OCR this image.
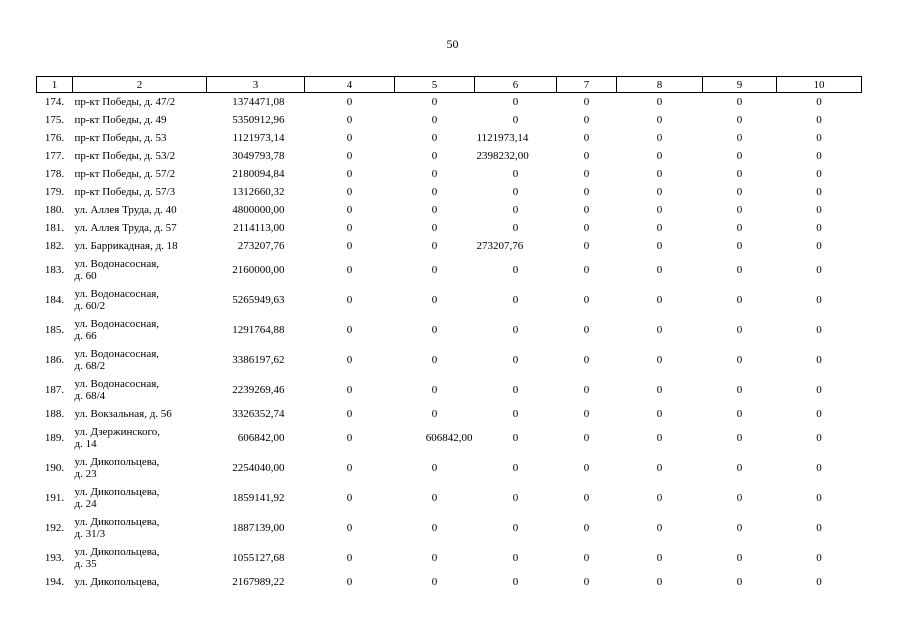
50
1	2	3	4	5	6	7	8	9	10
174.	пр-кт Победы, д. 47/2	1374471,08	0	0	0	0	0	0	0
175.	пр-кт Победы, д. 49	5350912,96	0	0	0	0	0	0	0
176.	пр-кт Победы, д. 53	1121973,14	0	0	1121973,14	0	0	0	0
177.	пр-кт Победы, д. 53/2	3049793,78	0	0	2398232,00	0	0	0	0
178.	пр-кт Победы, д. 57/2	2180094,84	0	0	0	0	0	0	0
179.	пр-кт Победы, д. 57/3	1312660,32	0	0	0	0	0	0	0
180.	ул. Аллея Труда, д. 40	4800000,00	0	0	0	0	0	0	0
181.	ул. Аллея Труда, д. 57	2114113,00	0	0	0	0	0	0	0
182.	ул. Баррикадная, д. 18	273207,76	0	0	273207,76	0	0	0	0
183.	ул. Водонасосная,
д. 60	2160000,00	0	0	0	0	0	0	0
184.	ул. Водонасосная,
д. 60/2	5265949,63	0	0	0	0	0	0	0
185.	ул. Водонасосная,
д. 66	1291764,88	0	0	0	0	0	0	0
186.	ул. Водонасосная,
д. 68/2	3386197,62	0	0	0	0	0	0	0
187.	ул. Водонасосная,
д. 68/4	2239269,46	0	0	0	0	0	0	0
188.	ул. Вокзальная, д. 56	3326352,74	0	0	0	0	0	0	0
189.	ул. Дзержинского,
д. 14	606842,00	0	606842,00	0	0	0	0	0
190.	ул. Дикопольцева,
д. 23	2254040,00	0	0	0	0	0	0	0
191.	ул. Дикопольцева,
д. 24	1859141,92	0	0	0	0	0	0	0
192.	ул. Дикопольцева,
д. 31/3	1887139,00	0	0	0	0	0	0	0
193.	ул. Дикопольцева,
д. 35	1055127,68	0	0	0	0	0	0	0
194.	ул. Дикопольцева,	2167989,22	0	0	0	0	0	0	0
